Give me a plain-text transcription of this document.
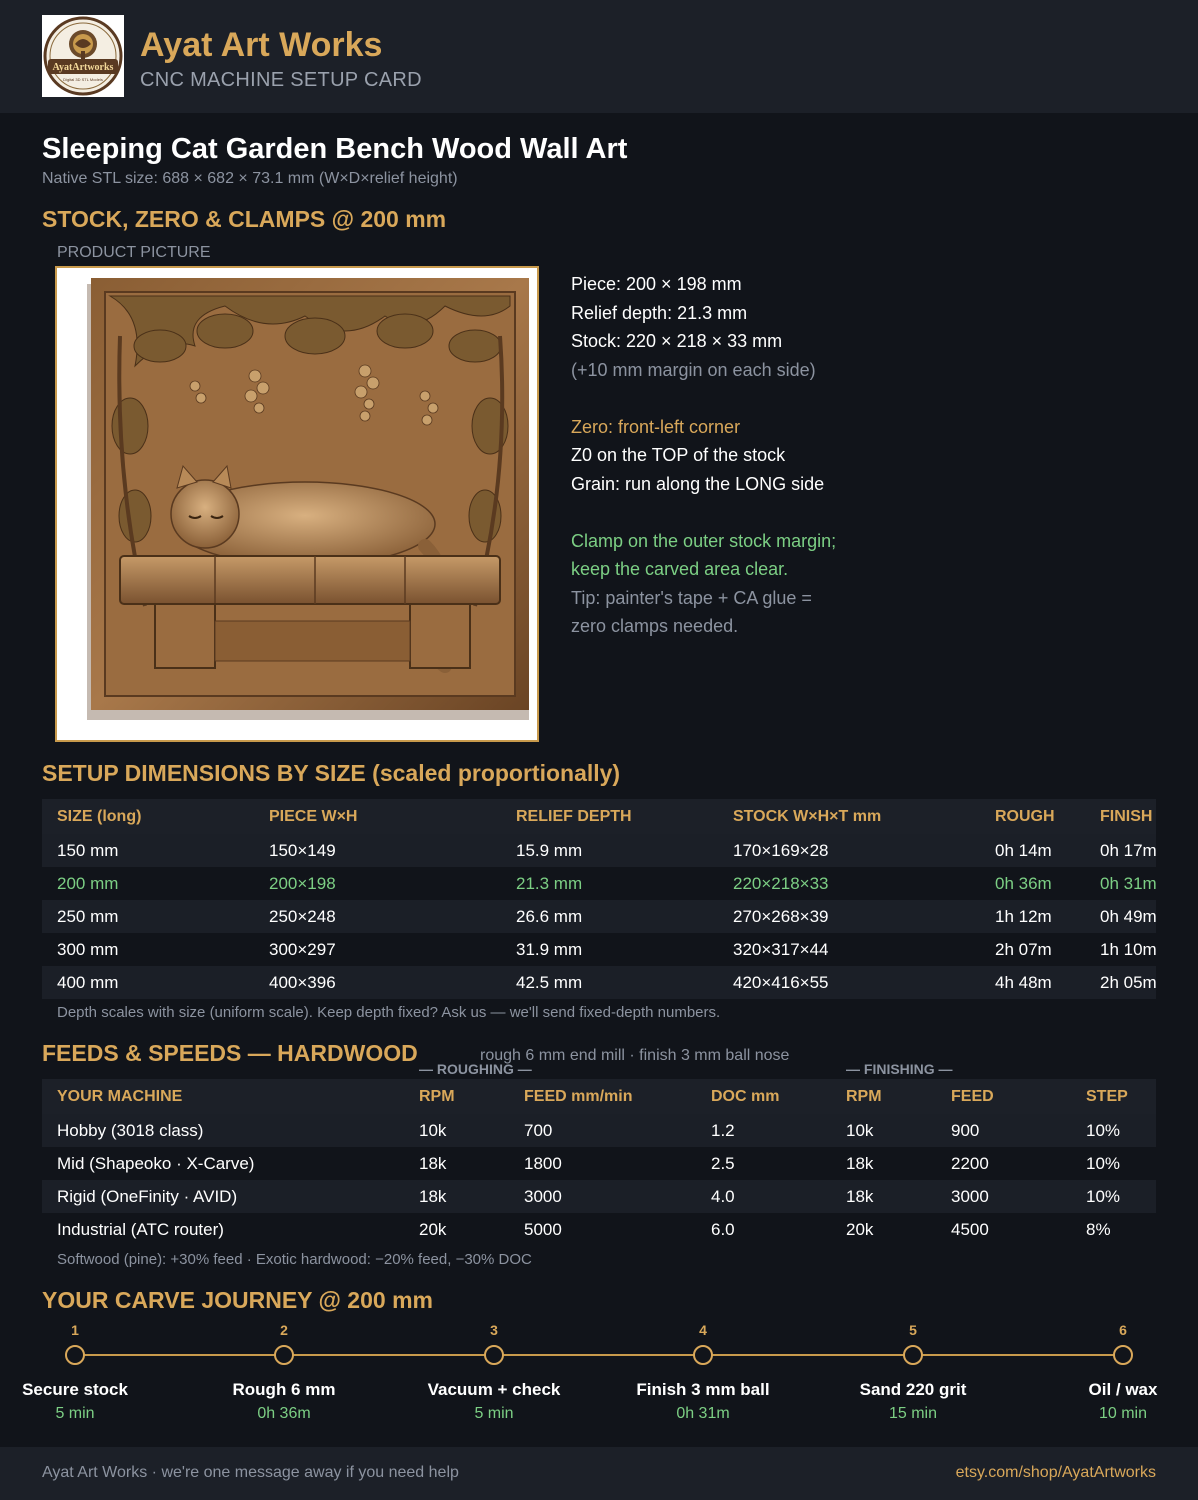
AyatArtworks
Digital 3D STL Models
Ayat Art Works
CNC MACHINE SETUP CARD
Sleeping Cat Garden Bench Wood Wall Art
Native STL size: 688 × 682 × 73.1 mm (W×D×relief height)
STOCK, ZERO & CLAMPS @ 200 mm
PRODUCT PICTURE
Piece: 200 × 198 mm
Relief depth: 21.3 mm
Stock: 220 × 218 × 33 mm
(+10 mm margin on each side)
Zero: front-left corner
Z0 on the TOP of the stock
Grain: run along the LONG side
Clamp on the outer stock margin;
keep the carved area clear.
Tip: painter's tape + CA glue =
zero clamps needed.
SETUP DIMENSIONS BY SIZE (scaled proportionally)
SIZE (long)	PIECE W×H	RELIEF DEPTH	STOCK W×H×T mm	ROUGH	FINISH
150 mm	150×149	15.9 mm	170×169×28	0h 14m	0h 17m
200 mm	200×198	21.3 mm	220×218×33	0h 36m	0h 31m
250 mm	250×248	26.6 mm	270×268×39	1h 12m	0h 49m
300 mm	300×297	31.9 mm	320×317×44	2h 07m	1h 10m
400 mm	400×396	42.5 mm	420×416×55	4h 48m	2h 05m
Depth scales with size (uniform scale). Keep depth fixed? Ask us — we'll send fixed-depth numbers.
FEEDS & SPEEDS — HARDWOOD	rough 6 mm end mill · finish 3 mm ball nose
— ROUGHING —	— FINISHING —
YOUR MACHINE	RPM	FEED mm/min	DOC mm	RPM	FEED	STEP
Hobby (3018 class)	10k	700	1.2	10k	900	10%
Mid (Shapeoko · X-Carve)	18k	1800	2.5	18k	2200	10%
Rigid (OneFinity · AVID)	18k	3000	4.0	18k	3000	10%
Industrial (ATC router)	20k	5000	6.0	20k	4500	8%
Softwood (pine): +30% feed · Exotic hardwood: −20% feed, −30% DOC
YOUR CARVE JOURNEY @ 200 mm
1
Secure stock
5 min
2
Rough 6 mm
0h 36m
3
Vacuum + check
5 min
4
Finish 3 mm ball
0h 31m
5
Sand 220 grit
15 min
6
Oil / wax
10 min
Ayat Art Works · we're one message away if you need help	etsy.com/shop/AyatArtworks
